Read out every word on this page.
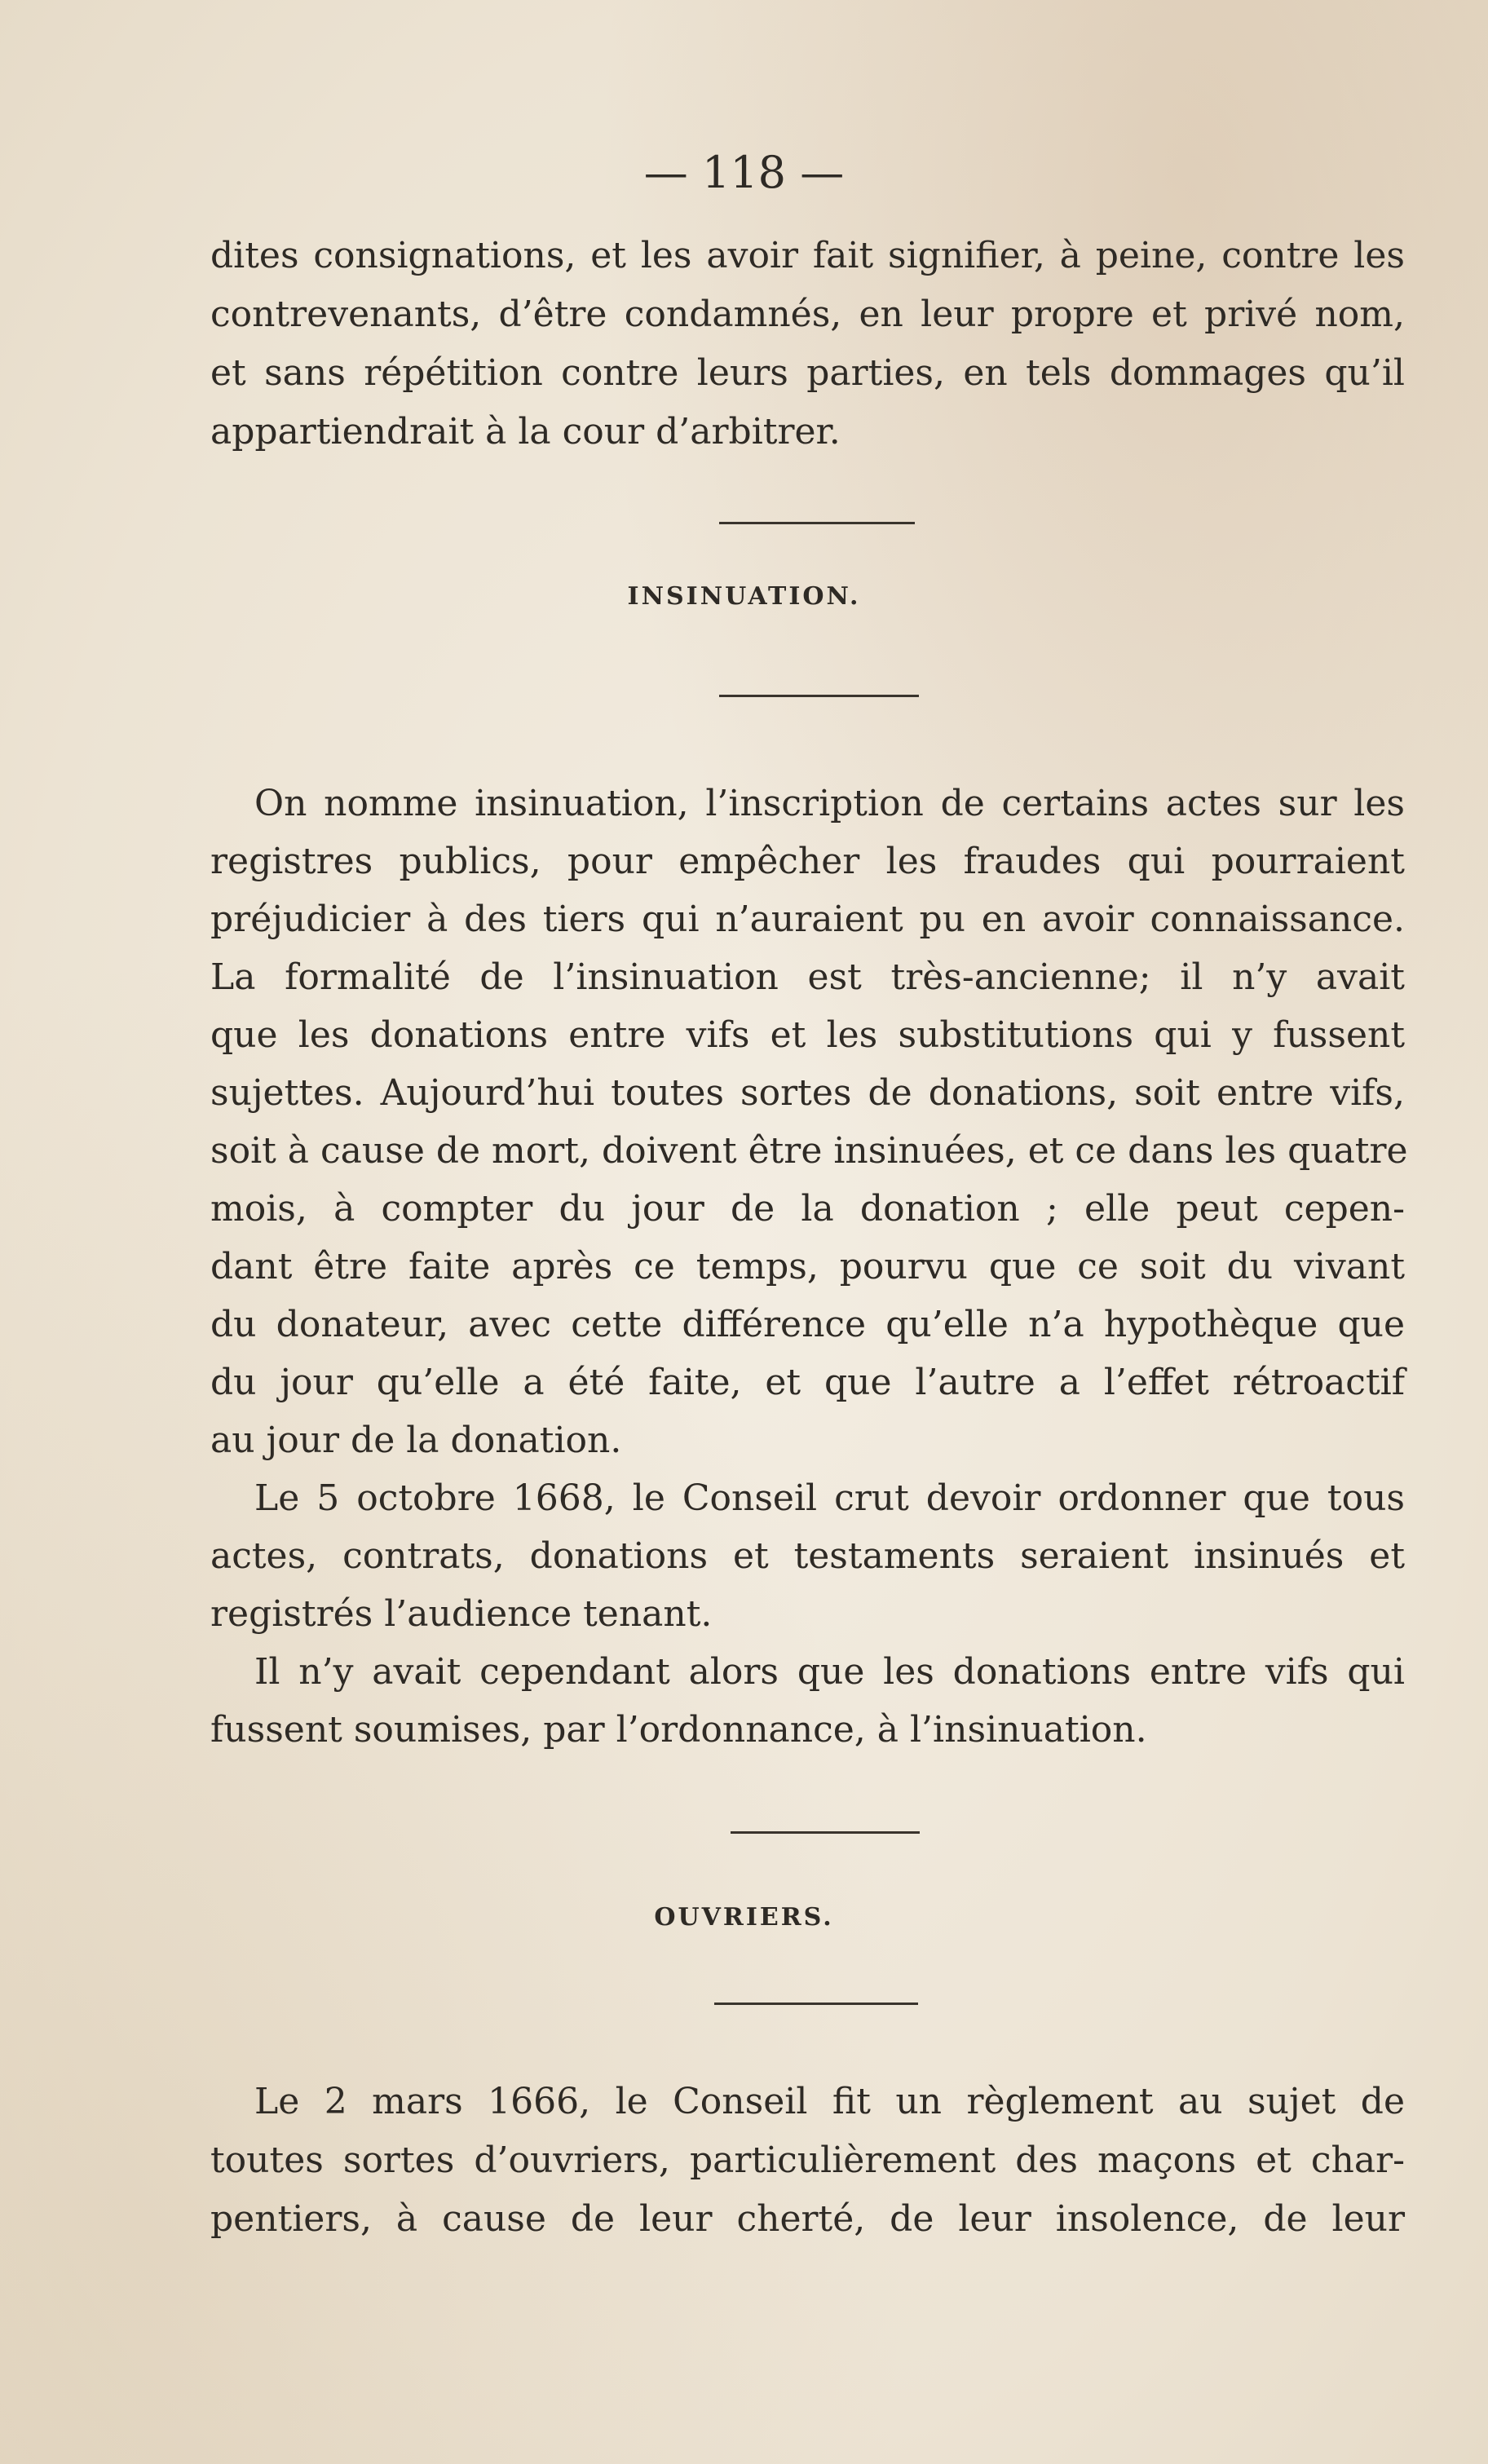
— 118 —
dites consignations, et les avoir fait signifier, à peine, contre les
contrevenants, d’être condamnés, en leur propre et privé nom,
et sans répétition contre leurs parties, en tels dommages qu’il
appartiendrait à la cour d’arbitrer.
INSINUATION.
On nomme insinuation, l’inscription de certains actes sur les
registres publics, pour empêcher les fraudes qui pourraient
préjudicier à des tiers qui n’auraient pu en avoir connaissance.
La formalité de l’insinuation est très-ancienne; il n’y avait
que les donations entre vifs et les substitutions qui y fussent
sujettes. Aujourd’hui toutes sortes de donations, soit entre vifs,
soit à cause de mort, doivent être insinuées, et ce dans les quatre
mois, à compter du jour de la donation ; elle peut cepen-
dant être faite après ce temps, pourvu que ce soit du vivant
du donateur, avec cette différence qu’elle n’a hypothèque que
du jour qu’elle a été faite, et que l’autre a l’effet rétroactif
au jour de la donation.
Le 5 octobre 1668, le Conseil crut devoir ordonner que tous
actes, contrats, donations et testaments seraient insinués et
registrés l’audience tenant.
Il n’y avait cependant alors que les donations entre vifs qui
fussent soumises, par l’ordonnance, à l’insinuation.
OUVRIERS.
Le 2 mars 1666, le Conseil fit un règlement au sujet de
toutes sortes d’ouvriers, particulièrement des maçons et char-
pentiers, à cause de leur cherté, de leur insolence, de leur
